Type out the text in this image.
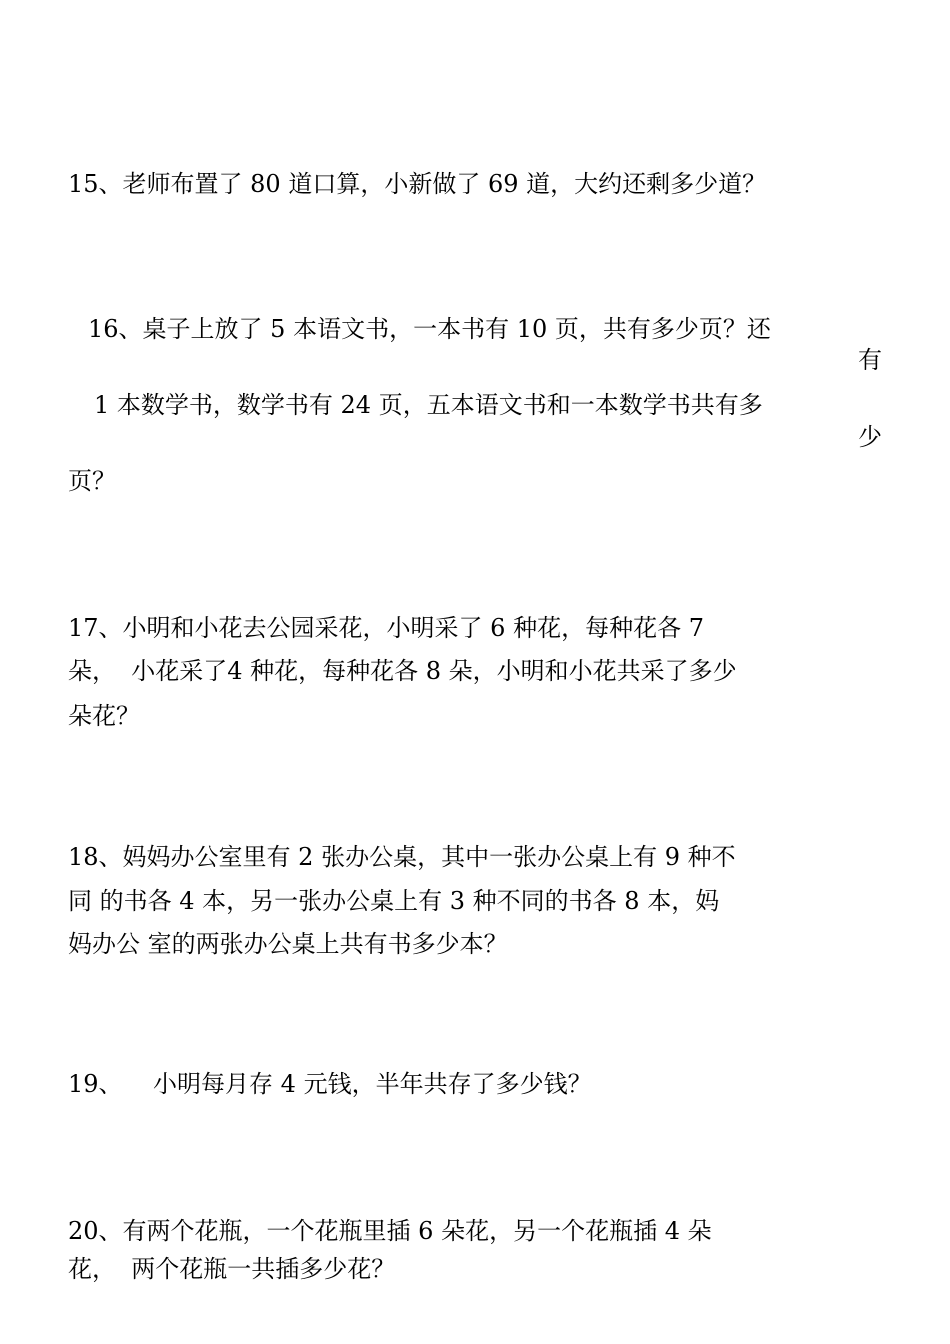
15、老师布置了 80 道口算，小新做了 69 道，大约还剩多少道？

16、桌子上放了 5 本语文书，一本书有 10 页，共有多少页？还

有

1 本数学书，数学书有 24 页，五本语文书和一本数学书共有多

少

页？

17、小明和小花去公园采花，小明采了 6 种花，每种花各 7

朵，  小花采了4 种花，每种花各 8 朵，小明和小花共采了多少

朵花？

18、妈妈办公室里有 2 张办公桌，其中一张办公桌上有 9 种不

同 的书各 4 本，另一张办公桌上有 3 种不同的书各 8 本，妈

妈办公 室的两张办公桌上共有书多少本？

19、    小明每月存 4 元钱，半年共存了多少钱？

20、有两个花瓶，一个花瓶里插 6 朵花，另一个花瓶插 4 朵

花，  两个花瓶一共插多少花？
